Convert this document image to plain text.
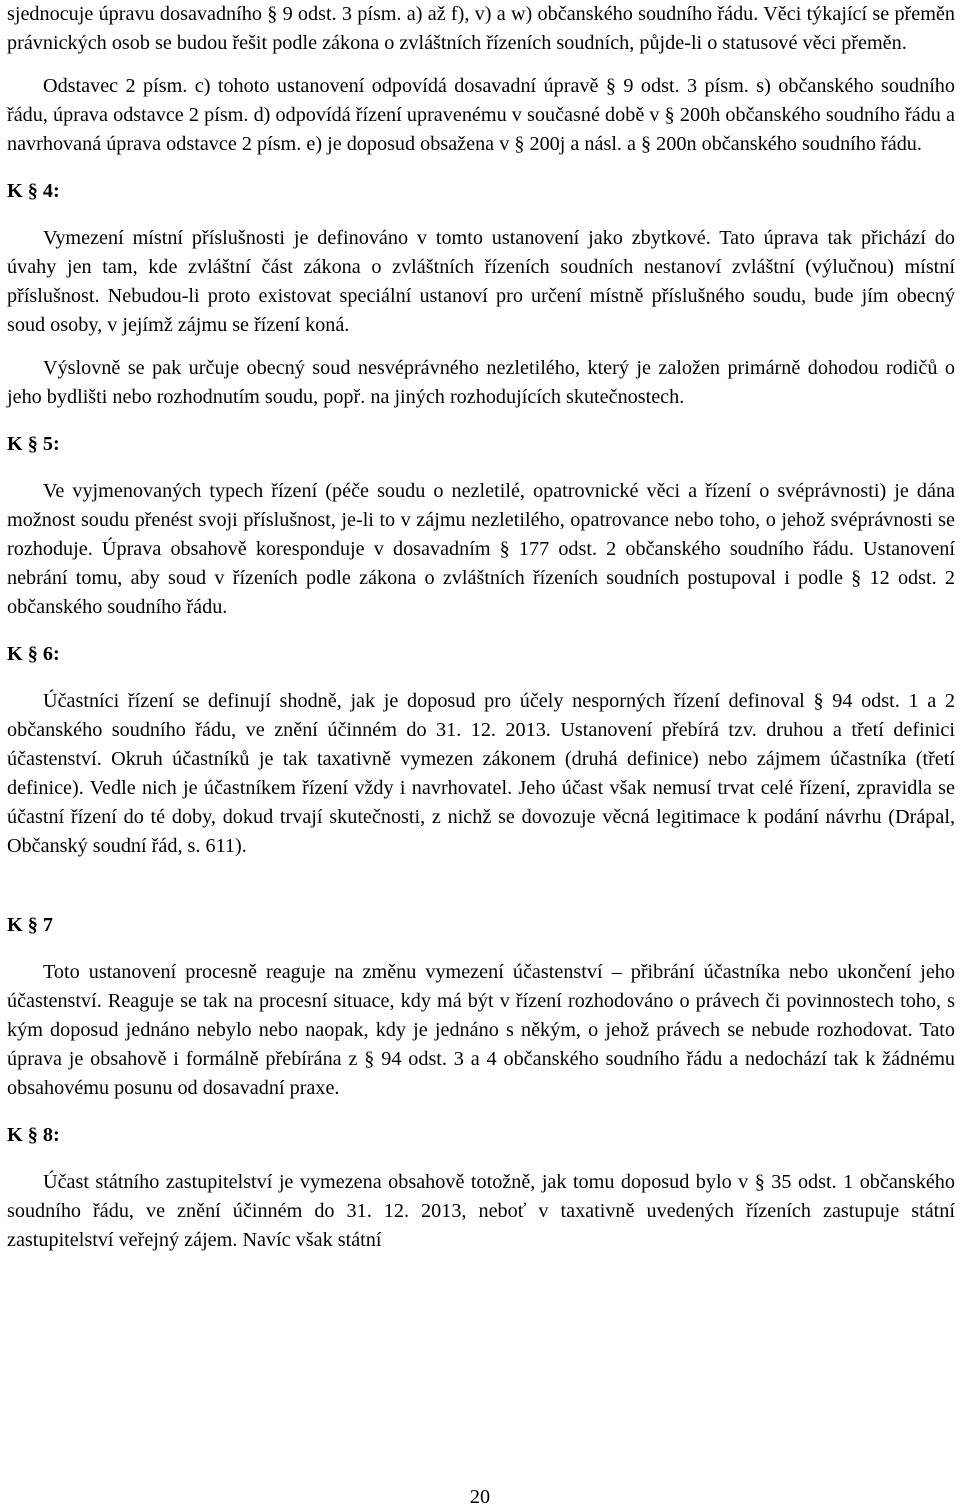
sjednocuje úpravu dosavadního § 9 odst. 3 písm. a) až f), v) a w) občanského soudního řádu. Věci týkající se přeměn právnických osob se budou řešit podle zákona o zvláštních řízeních soudních, půjde-li o statusové věci přeměn.

Odstavec 2 písm. c) tohoto ustanovení odpovídá dosavadní úpravě § 9 odst. 3 písm. s) občanského soudního řádu, úprava odstavce 2 písm. d) odpovídá řízení upravenému v současné době v § 200h občanského soudního řádu a navrhovaná úprava odstavce 2 písm. e) je doposud obsažena v § 200j a násl. a § 200n občanského soudního řádu.

K § 4:

Vymezení místní příslušnosti je definováno v tomto ustanovení jako zbytkové. Tato úprava tak přichází do úvahy jen tam, kde zvláštní část zákona o zvláštních řízeních soudních nestanoví zvláštní (výlučnou) místní příslušnost. Nebudou-li proto existovat speciální ustanoví pro určení místně příslušného soudu, bude jím obecný soud osoby, v jejímž zájmu se řízení koná.

Výslovně se pak určuje obecný soud nesvéprávného nezletilého, který je založen primárně dohodou rodičů o jeho bydlišti nebo rozhodnutím soudu, popř. na jiných rozhodujících skutečnostech.

K § 5:

Ve vyjmenovaných typech řízení (péče soudu o nezletilé, opatrovnické věci a řízení o svéprávnosti) je dána možnost soudu přenést svoji příslušnost, je-li to v zájmu nezletilého, opatrovance nebo toho, o jehož svéprávnosti se rozhoduje. Úprava obsahově koresponduje v dosavadním § 177 odst. 2 občanského soudního řádu. Ustanovení nebrání tomu, aby soud v řízeních podle zákona o zvláštních řízeních soudních postupoval i podle § 12 odst. 2 občanského soudního řádu.

K § 6:

Účastníci řízení se definují shodně, jak je doposud pro účely nesporných řízení definoval § 94 odst. 1 a 2 občanského soudního řádu, ve znění účinném do 31. 12. 2013. Ustanovení přebírá tzv. druhou a třetí definici účastenství. Okruh účastníků je tak taxativně vymezen zákonem (druhá definice) nebo zájmem účastníka (třetí definice). Vedle nich je účastníkem řízení vždy i navrhovatel. Jeho účast však nemusí trvat celé řízení, zpravidla se účastní řízení do té doby, dokud trvají skutečnosti, z nichž se dovozuje věcná legitimace k podání návrhu (Drápal, Občanský soudní řád, s. 611).

K § 7

Toto ustanovení procesně reaguje na změnu vymezení účastenství – přibrání účastníka nebo ukončení jeho účastenství. Reaguje se tak na procesní situace, kdy má být v řízení rozhodováno o právech či povinnostech toho, s kým doposud jednáno nebylo nebo naopak, kdy je jednáno s někým, o jehož právech se nebude rozhodovat. Tato úprava je obsahově i formálně přebírána z § 94 odst. 3 a 4 občanského soudního řádu a nedochází tak k žádnému obsahovému posunu od dosavadní praxe.

K § 8:

Účast státního zastupitelství je vymezena obsahově totožně, jak tomu doposud bylo v § 35 odst. 1 občanského soudního řádu, ve znění účinném do 31. 12. 2013, neboť v taxativně uvedených řízeních zastupuje státní zastupitelství veřejný zájem. Navíc však státní

20
